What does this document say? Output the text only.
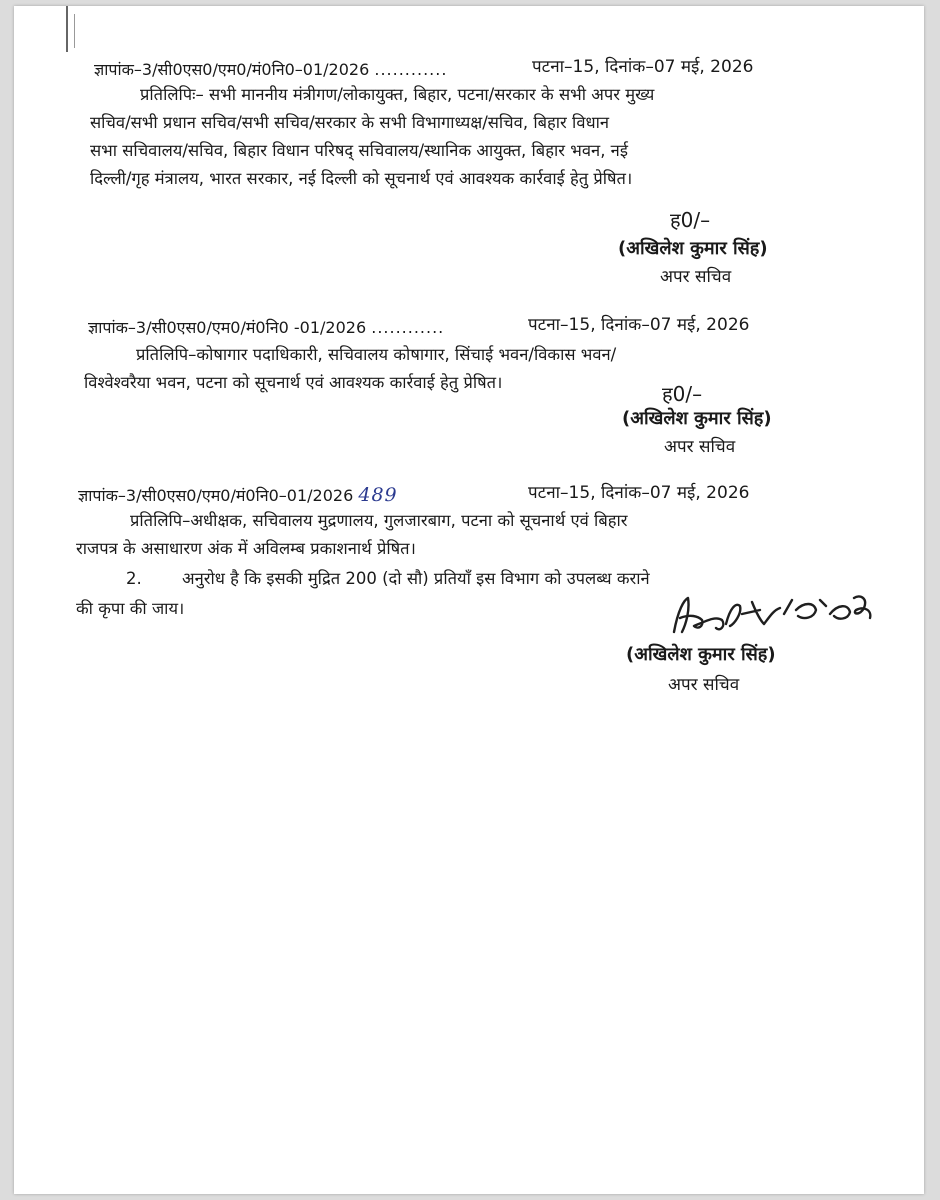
ज्ञापांक–3/सी0एस0/एम0/मं0नि0–01/2026 ............	पटना–15, दिनांक–07 मई, 2026
प्रतिलिपिः– सभी माननीय मंत्रीगण/लोकायुक्त, बिहार, पटना/सरकार के सभी अपर मुख्य
सचिव/सभी प्रधान सचिव/सभी सचिव/सरकार के सभी विभागाध्यक्ष/सचिव, बिहार विधान
सभा सचिवालय/सचिव, बिहार विधान परिषद् सचिवालय/स्थानिक आयुक्त, बिहार भवन, नई
दिल्ली/गृह मंत्रालय, भारत सरकार, नई दिल्ली को सूचनार्थ एवं आवश्यक कार्रवाई हेतु प्रेषित।
ह0/–
(अखिलेश कुमार सिंह)
अपर सचिव
ज्ञापांक–3/सी0एस0/एम0/मं0नि0 -01/2026 ............	पटना–15, दिनांक–07 मई, 2026
प्रतिलिपि–कोषागार पदाधिकारी, सचिवालय कोषागार, सिंचाई भवन/विकास भवन/
विश्वेश्वरैया भवन, पटना को सूचनार्थ एवं आवश्यक कार्रवाई हेतु प्रेषित।	ह0/–
(अखिलेश कुमार सिंह)
अपर सचिव
ज्ञापांक–3/सी0एस0/एम0/मं0नि0–01/2026 489	पटना–15, दिनांक–07 मई, 2026
प्रतिलिपि–अधीक्षक, सचिवालय मुद्रणालय, गुलजारबाग, पटना को सूचनार्थ एवं बिहार
राजपत्र के असाधारण अंक में अविलम्ब प्रकाशनार्थ प्रेषित।
2.	अनुरोध है कि इसकी मुद्रित 200 (दो सौ) प्रतियाँ इस विभाग को उपलब्ध कराने
की कृपा की जाय।
(अखिलेश कुमार सिंह)
अपर सचिव
